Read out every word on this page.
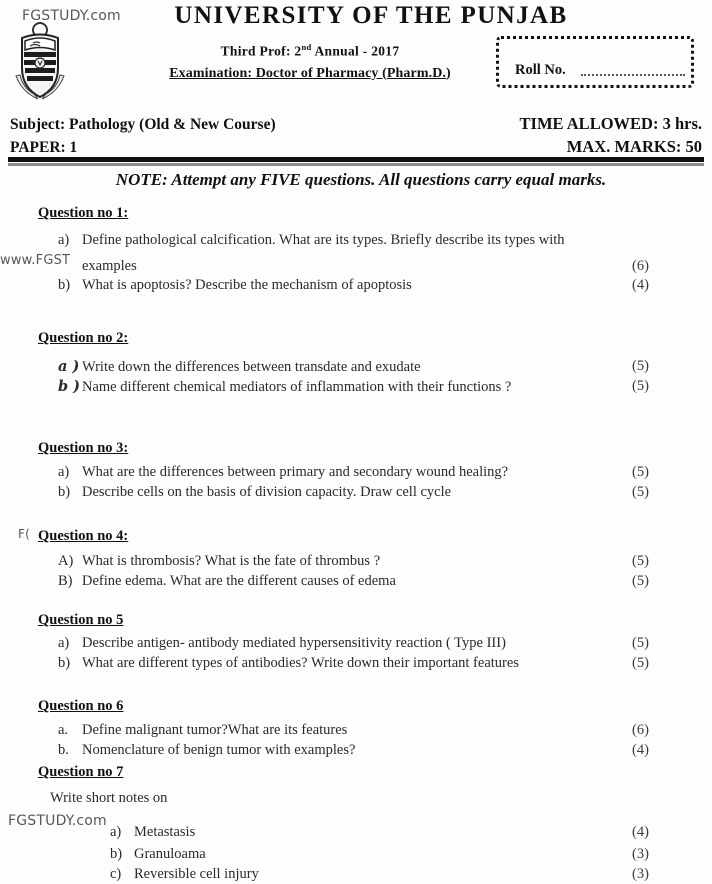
FGSTUDY.com
www.FGST
F(
FGSTUDY.com
UNIVERSITY OF THE PUNJAB
Third Prof: 2nd Annual - 2017
Examination: Doctor of Pharmacy (Pharm.D.)	Roll No.
Subject: Pathology (Old & New Course)
PAPER: 1
TIME ALLOWED: 3 hrs.
MAX. MARKS: 50
NOTE: Attempt any FIVE questions. All questions carry equal marks.
Question no 1:
a) Define pathological calcification. What are its types. Briefly describe its types with
examples	(6)
b) What is apoptosis? Describe the mechanism of apoptosis	(4)
Question no 2:
a ) Write down the differences between transdate and exudate	(5)
b ) Name different chemical mediators of inflammation with their functions ?	(5)
Question no 3:
a) What are the differences between primary and secondary wound healing?	(5)
b) Describe cells on the basis of division capacity. Draw cell cycle	(5)
Question no 4:
A) What is thrombosis? What is the fate of thrombus ?	(5)
B) Define edema. What are the different causes of edema	(5)
Question no 5
a) Describe antigen- antibody mediated hypersensitivity reaction ( Type III)	(5)
b) What are different types of antibodies? Write down their important features	(5)
Question no 6
a. Define malignant tumor?What are its features	(6)
b. Nomenclature of benign tumor with examples?	(4)
Question no 7
Write short notes on
a) Metastasis	(4)
b) Granuloama	(3)
c) Reversible cell injury	(3)
